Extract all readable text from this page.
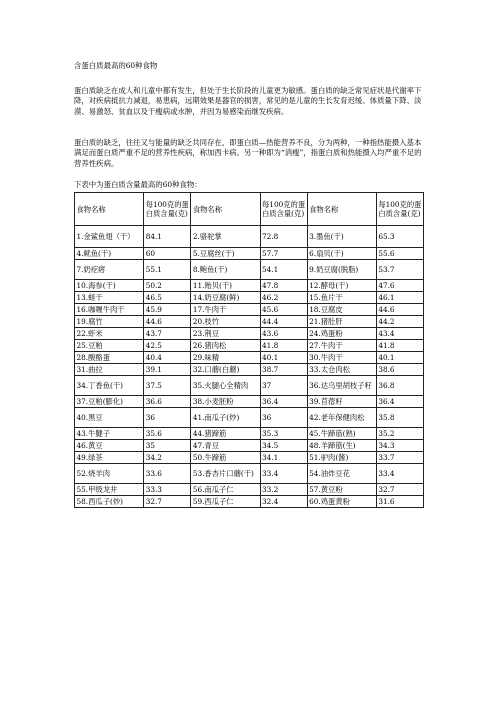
含蛋白质最高的60种食物

蛋白质缺乏在成人和儿童中都有发生，但处于生长阶段的儿童更为敏感。蛋白质的缺乏常见症状是代谢率下降，对疾病抵抗力减退，易患病，远期效果是器官的损害，常见的是儿童的生长发育迟缓、体质量下降、淡漠、易激怒、贫血以及干瘦病或水肿，并因为易感染而继发疾病。

蛋白质的缺乏，往往又与能量的缺乏共同存在，即蛋白质—热能营养不良，分为两种，一种指热能摄入基本满足而蛋白质严重不足的营养性疾病，称加西卡病。另一种即为“消瘦”，指蛋白质和热能摄入均严重不足的营养性疾病。

下表中为蛋白质含量最高的60种食物：

食物名称	每100克的蛋白质含量(克)	食物名称	每100克的蛋白质含量(克)	食物名称	每100克的蛋白质含量(克)
1.金鲨鱼翅（干）	84.1	2.骆驼掌	72.8	3.墨鱼(干)	65.3
4.鱿鱼(干)	60	5.豆腐丝(干)	57.7	6.扇贝(干)	55.6
7.奶疙瘩	55.1	8.鲍鱼(干)	54.1	9.奶豆腐(脱脂)	53.7
10.海参(干)	50.2	11.贻贝(干)	47.8	12.酵母(干)	47.6
13.蛏干	46.5	14.奶豆腐(鲜)	46.2	15.鱼片干	46.1
16.咖喱牛肉干	45.9	17.牛肉干	45.6	18.豆腐皮	44.6
19.腐竹	44.6	20.枝竹	44.4	21.猪肚肝	44.2
22.虾米	43.7	23.荆豆	43.6	24.鸡蛋粉	43.4
25.豆粕	42.5	26.猪肉松	41.8	27.牛肉干	41.8
28.酸酪蛋	40.4	29.味精	40.1	30.牛肉干	40.1
31.曲拉	39.1	32.口蘑(白蘑)	38.7	33.太仓肉松	38.6
34.丁香鱼(干)	37.5	35.火腿心全精肉	37	36.达乌里胡枝子籽	36.8
37.豆粕(膨化)	36.6	38.小麦胚粉	36.4	39.苜蓿籽	36.4
40.黑豆	36	41.南瓜子(炒)	36	42.老年保健肉松	35.8
43.牛腱子	35.6	44.猪蹄筋	35.3	45.牛蹄筋(熟)	35.2
46.黄豆	35	47.青豆	34.5	48.羊蹄筋(生)	34.3
49.绿茶	34.2	50.牛蹄筋	34.1	51.驴肉(酱)	33.7
52.烧羊肉	33.6	53.香杏片口蘑(干)	33.4	54.油炸豆花	33.4
55.甲级龙井	33.3	56.南瓜子仁	33.2	57.黄豆粉	32.7
58.西瓜子(炒)	32.7	59.西瓜子仁	32.4	60.鸡蛋黄粉	31.6
